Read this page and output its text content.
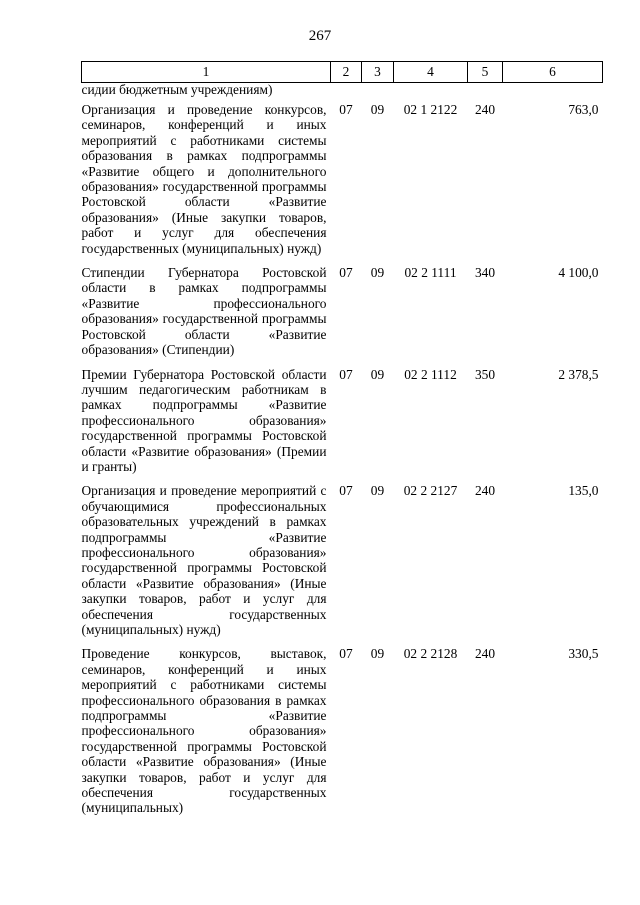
267
1	2	3	4	5	6
сидии бюджетным учреждениям)					
Организация и проведение конкурсов, семинаров, конференций и иных мероприятий с работниками системы образования в рамках подпрограммы «Развитие общего и дополнительного образования» государственной программы Ростовской области «Развитие образования» (Иные закупки товаров, работ и услуг для обеспечения государственных (муниципальных) нужд)	07	09	02 1 2122	240	763,0
Стипендии Губернатора Ростовской области в рамках подпрограммы «Развитие профессионального образования» государственной программы Ростовской области «Развитие образования» (Стипендии)	07	09	02 2 1111	340	4 100,0
Премии Губернатора Ростовской области лучшим педагогическим работникам в рамках подпрограммы «Развитие профессионального образования» государственной программы Ростовской области «Развитие образования» (Премии и гранты)	07	09	02 2 1112	350	2 378,5
Организация и проведение мероприятий с обучающимися профессиональных образовательных учреждений в рамках подпрограммы «Развитие профессионального образования» государственной программы Ростовской области «Развитие образования» (Иные закупки товаров, работ и услуг для обеспечения государственных (муниципальных) нужд)	07	09	02 2 2127	240	135,0
Проведение конкурсов, выставок, семинаров, конференций и иных мероприятий с работниками системы профессионального образования в рамках подпрограммы «Развитие профессионального образования» государственной программы Ростовской области «Развитие образования» (Иные закупки товаров, работ и услуг для обеспечения государственных (муниципальных)	07	09	02 2 2128	240	330,5
